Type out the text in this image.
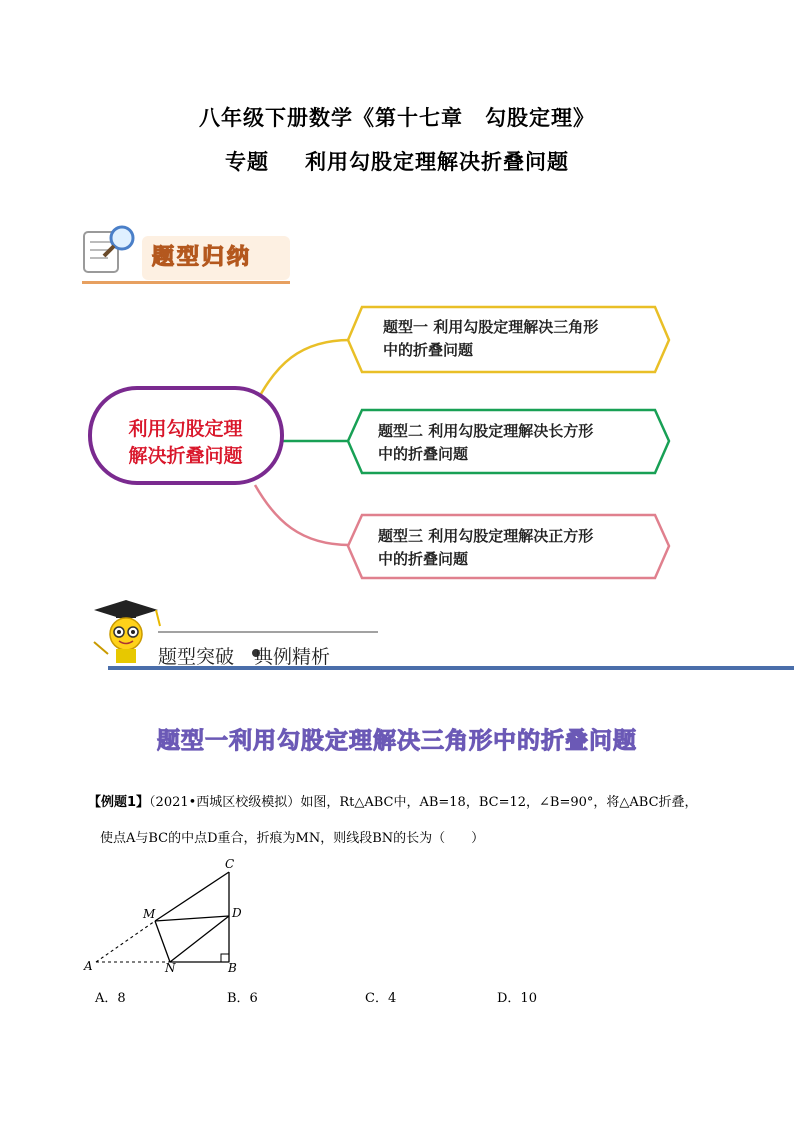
八年级下册数学《第十七章　勾股定理》
专题 利用勾股定理解决折叠问题
题型归纳
利用勾股定理
解决折叠问题
题型一 利用勾股定理解决三角形
中的折叠问题
题型二 利用勾股定理解决长方形
中的折叠问题
题型三 利用勾股定理解决正方形
中的折叠问题
题型突破 典例精析
题型一利用勾股定理解决三角形中的折叠问题
【例题1】（2021•西城区校级模拟）如图，Rt△ABC中，AB=18，BC=12，∠B=90°，将△ABC折叠，
使点A与BC的中点D重合，折痕为MN，则线段BN的长为（　　）
C
M	D
A	N	B
A．8	B．6	C．4	D．10
